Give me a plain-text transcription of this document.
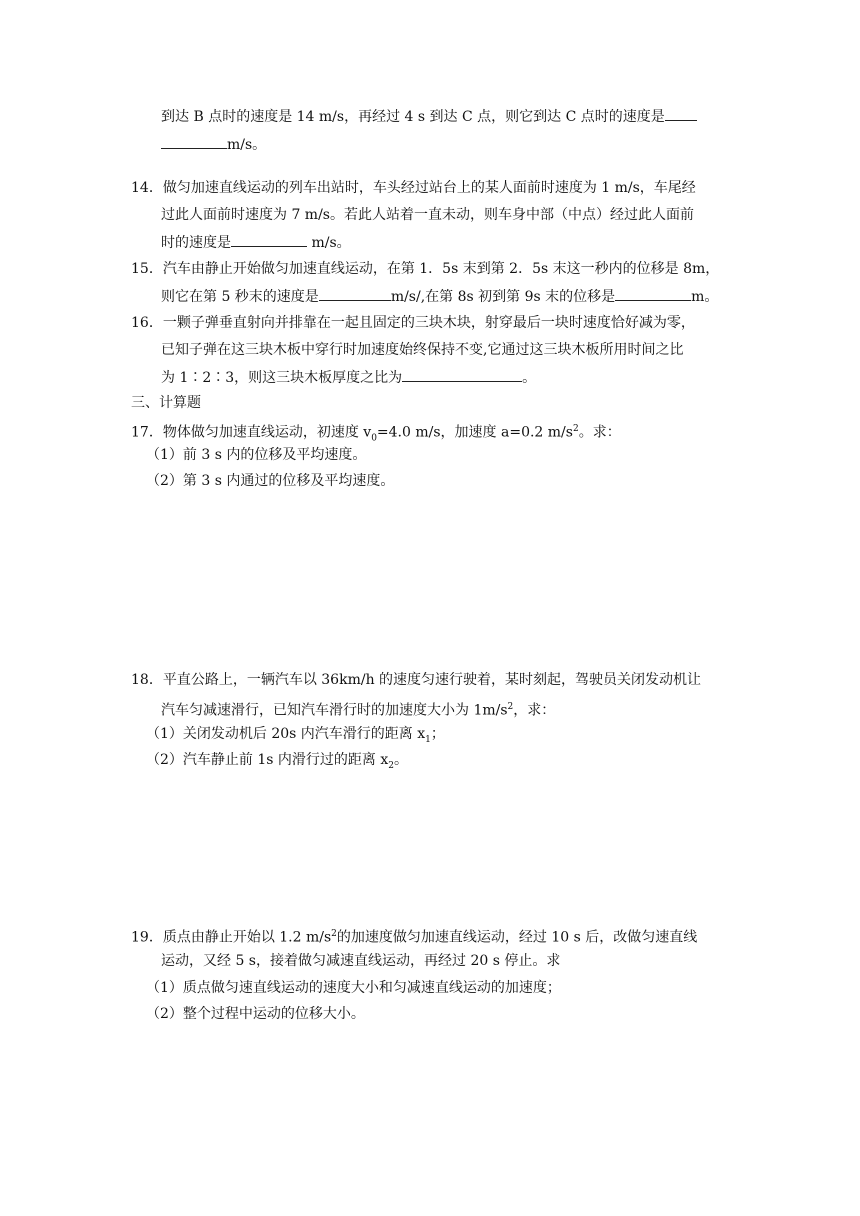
到达 B 点时的速度是 14 m/s，再经过 4 s 到达 C 点，则它到达 C 点时的速度是
m/s。
14．做匀加速直线运动的列车出站时，车头经过站台上的某人面前时速度为 1 m/s，车尾经
过此人面前时速度为 7 m/s。若此人站着一直未动，则车身中部（中点）经过此人面前
时的速度是	m/s。
15．汽车由静止开始做匀加速直线运动，在第 1．5s 末到第 2．5s 末这一秒内的位移是 8m，
则它在第 5 秒末的速度是	m/s/,在第 8s 初到第 9s 末的位移是	m。
16．一颗子弹垂直射向并排靠在一起且固定的三块木块，射穿最后一块时速度恰好减为零，
已知子弹在这三块木板中穿行时加速度始终保持不变,它通过这三块木板所用时间之比
为 1∶2∶3，则这三块木板厚度之比为	。
三、计算题
17．物体做匀加速直线运动，初速度 $v_0=4.0$ m/s，加速度 a=0.2 $m/s^2$。求：
（1）前 3 s 内的位移及平均速度。
（2）第 3 s 内通过的位移及平均速度。
18．平直公路上，一辆汽车以 36km/h 的速度匀速行驶着，某时刻起，驾驶员关闭发动机让
汽车匀减速滑行，已知汽车滑行时的加速度大小为 $1m/s^2$，求：
（1）关闭发动机后 20s 内汽车滑行的距离 $x_1$；
（2）汽车静止前 1s 内滑行过的距离 $x_2$。
19．质点由静止开始以 1.2 $m/s^2$的加速度做匀加速直线运动，经过 10 s 后，改做匀速直线
运动，又经 5 s，接着做匀减速直线运动，再经过 20 s 停止。求
（1）质点做匀速直线运动的速度大小和匀减速直线运动的加速度；
（2）整个过程中运动的位移大小。
